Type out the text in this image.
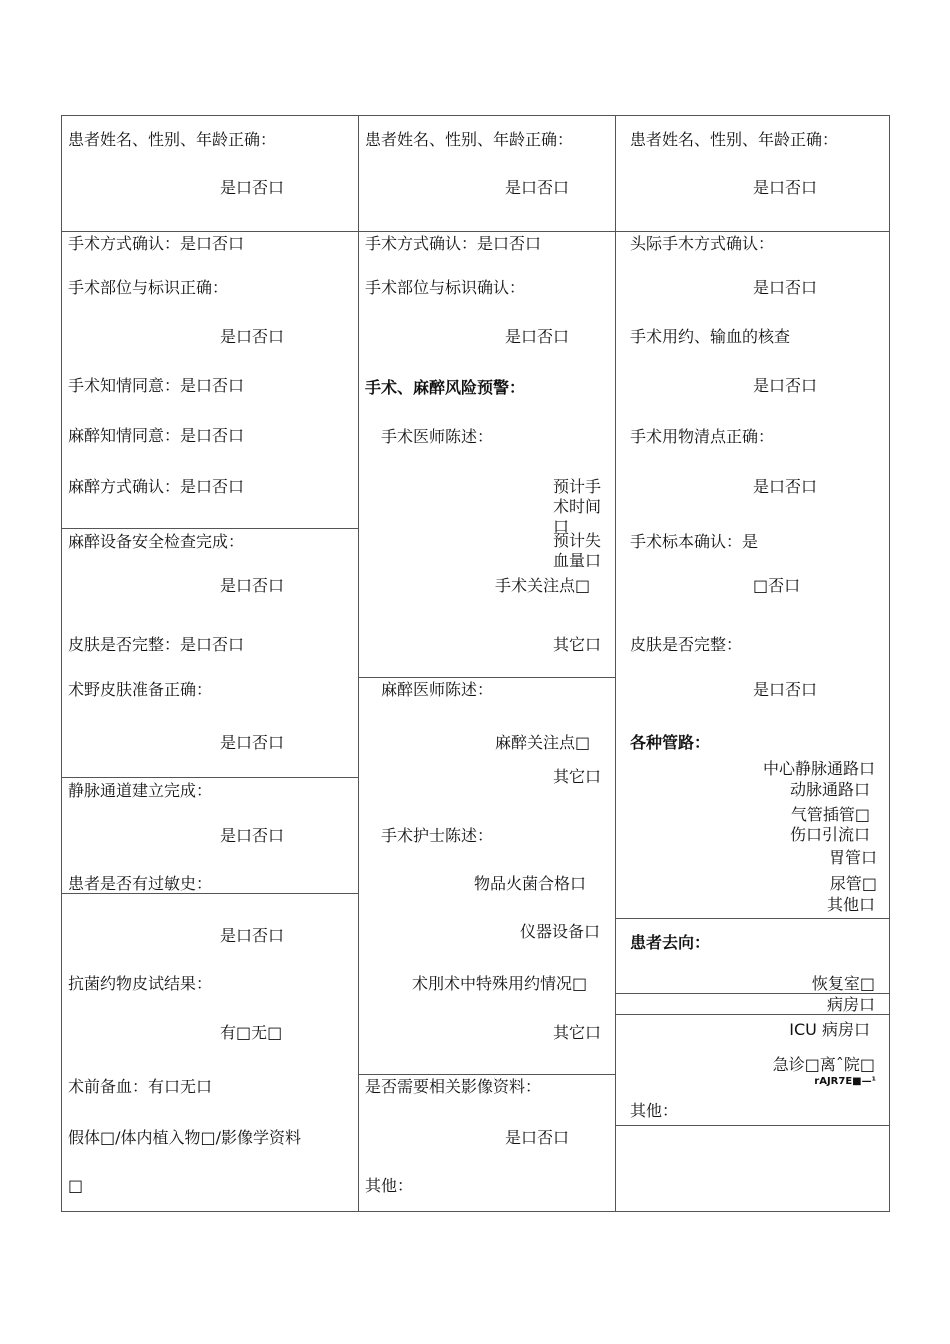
患者姓名、性别、年龄正确：
是口否口
手术方式确认：是口否口
手术部位与标识正确：
是口否口
手术知情同意：是口否口
麻醉知情同意：是口否口
麻醉方式确认：是口否口
麻醉设备安全检查完成：
是口否口
皮肤是否完整：是口否口
术野皮肤准备正确：
是口否口
静脉通道建立完成：
是口否口
患者是否有过敏史：
是口否口
抗菌约物皮试结果：
有□无□
术前备血：有口无口
假体□/体内植入物□/影像学资料
□
患者姓名、性别、年龄正确：
是口否口
手术方式确认：是口否口
手术部位与标识确认：
是口否口
手术、麻醉风险预警：
手术医师陈述：
预计手术时间口
预计失血量口
手术关注点□
其它口
麻醉医师陈述：
麻醉关注点□
其它口
手术护士陈述：
物品火菌合格口
仪器设备口
术刖术中特殊用约情况□
其它口
是否需要相关影像资料：
是口否口
其他：
患者姓名、性别、年龄正确：
是口否口
头际手木方式确认：
是口否口
手术用约、输血的核查
是口否口
手术用物清点正确：
是口否口
手术标本确认：是
□否口
皮肤是否完整：
是口否口
各种管路：
中心静脉通路口
动脉通路口
气管插管□
伤口引流口
胃管口
尿管□
其他口
患者去向：
恢复室□
病房口
ICU 病房口
急诊□离ˆ院□
rAJR7E■—¹
其他：
